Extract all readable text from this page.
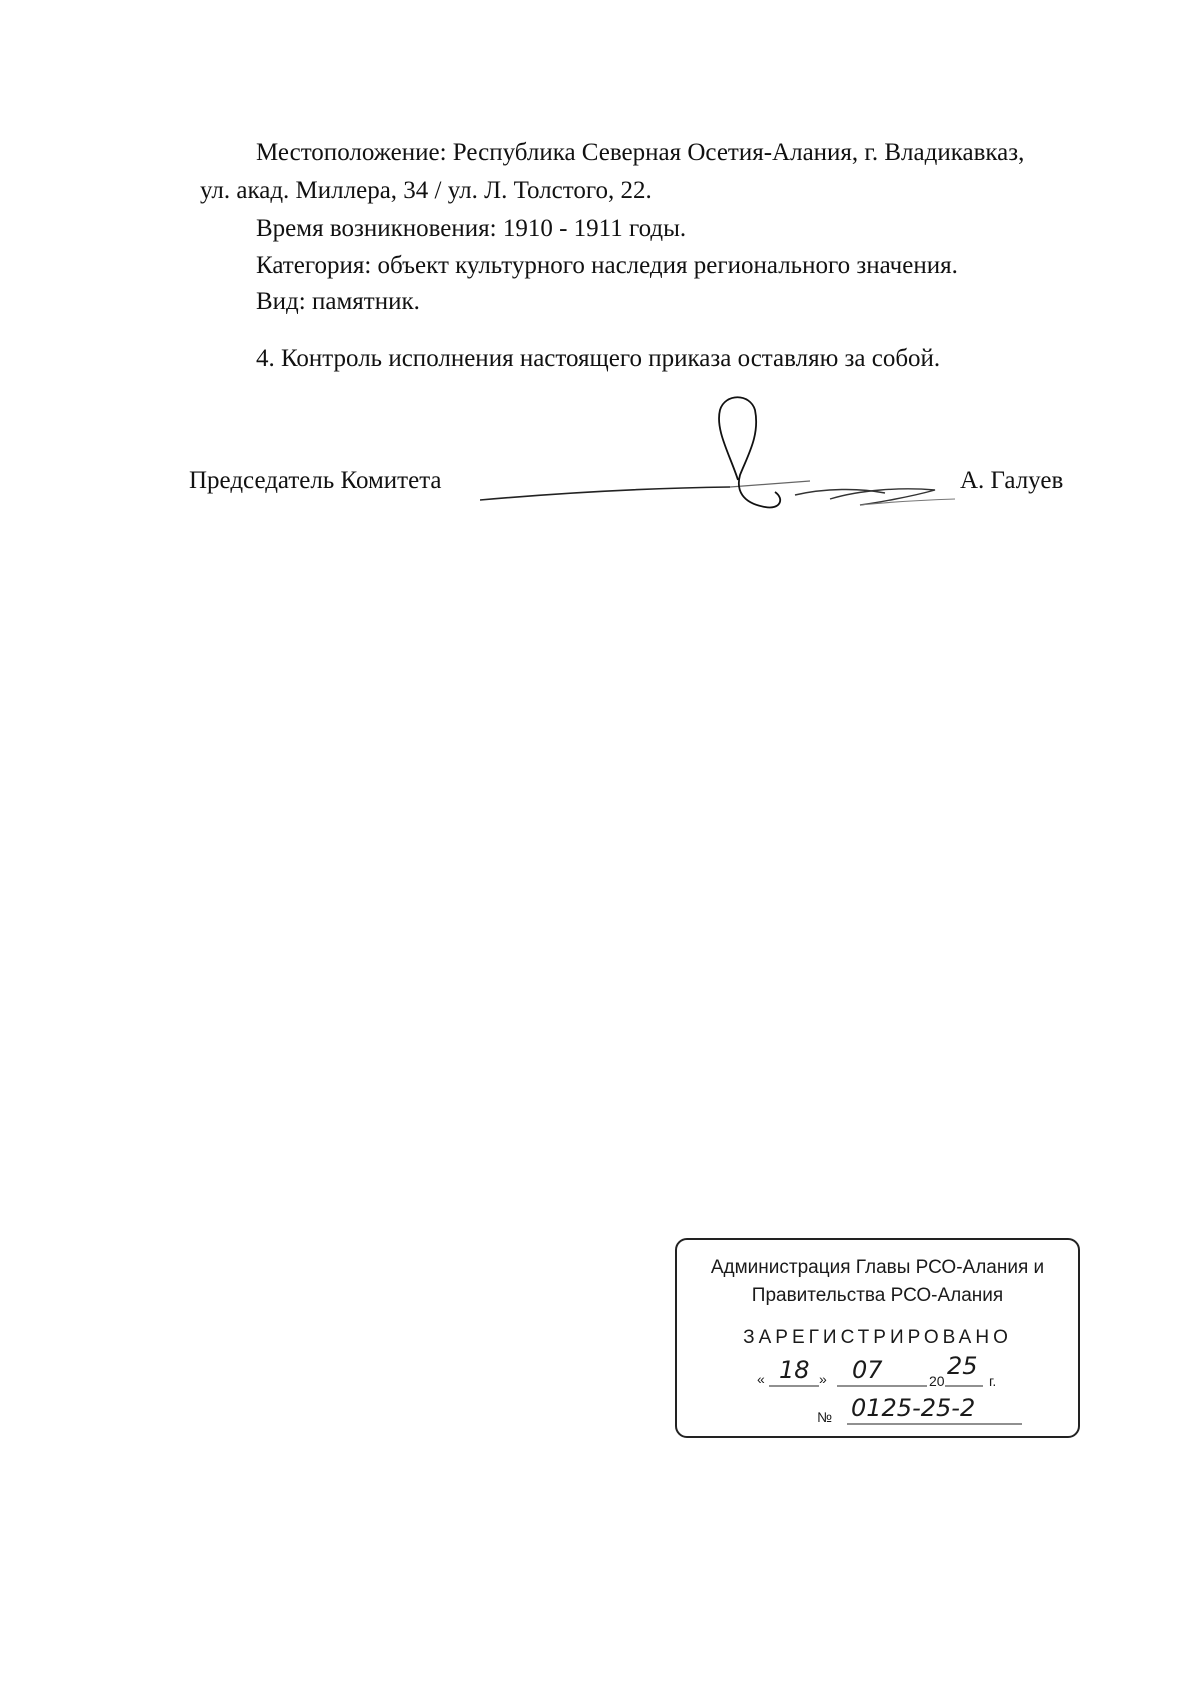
Местоположение: Республика Северная Осетия-Алания, г. Владикавказ,
ул. акад. Миллера, 34 / ул. Л. Толстого, 22.
Время возникновения: 1910 - 1911 годы.
Категория: объект культурного наследия регионального значения.
Вид: памятник.
4. Контроль исполнения настоящего приказа оставляю за собой.
Председатель Комитета	А. Галуев
Администрация Главы РСО-Алания и
Правительства РСО-Алания
ЗАРЕГИСТРИРОВАНО
« 18 » 07	20
25
г.
№ 0125-25-2
